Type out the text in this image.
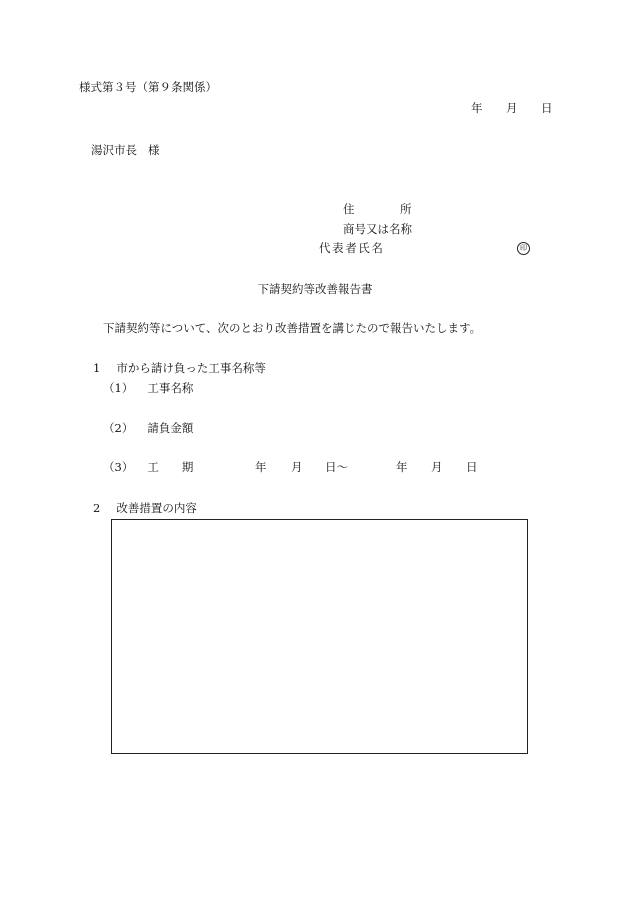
様式第３号（第９条関係）
年 月 日
湯沢市長 様
住	所
商号又は名称
代表者氏名	印
下請契約等改善報告書
下請契約等について、次のとおり改善措置を講じたので報告いたします。
1 市から請け負った工事名称等
（1） 工事名称
（2） 請負金額
（3） 工　　期	年 月 日～	年 月 日
2 改善措置の内容
